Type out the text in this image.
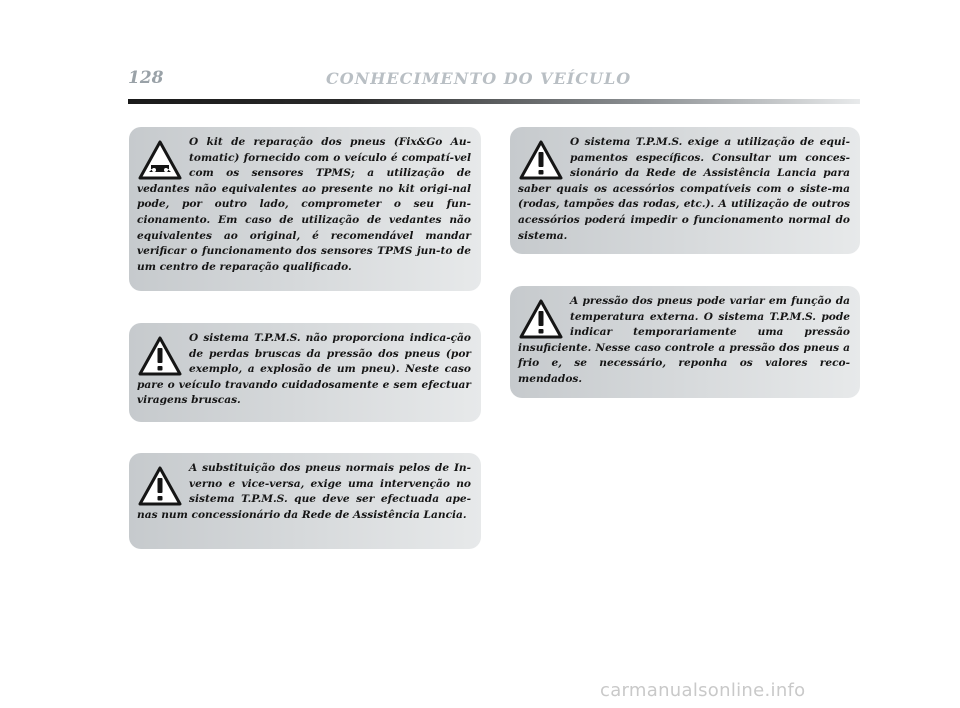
128	CONHECIMENTO DO VEÍCULO
O kit de reparação dos pneus (Fix&Go Au-tomatic) fornecido com o veículo é compatí-vel com os sensores TPMS; a utilização de vedantes não equivalentes ao presente no kit origi-nal pode, por outro lado, comprometer o seu fun-cionamento. Em caso de utilização de vedantes não equivalentes ao original, é recomendável mandar verificar o funcionamento dos sensores TPMS jun-to de um centro de reparação qualificado.
O sistema T.P.M.S. não proporciona indica-ção de perdas bruscas da pressão dos pneus (por exemplo, a explosão de um pneu). Neste caso pare o veículo travando cuidadosamente e sem efectuar viragens bruscas.
A substituição dos pneus normais pelos de In-verno e vice-versa, exige uma intervenção no sistema T.P.M.S. que deve ser efectuada ape-nas num concessionário da Rede de Assistência Lancia.
O sistema T.P.M.S. exige a utilização de equi-pamentos específicos. Consultar um conces-sionário da Rede de Assistência Lancia para saber quais os acessórios compatíveis com o siste-ma (rodas, tampões das rodas, etc.). A utilização de outros acessórios poderá impedir o funcionamento normal do sistema.
A pressão dos pneus pode variar em função da temperatura externa. O sistema T.P.M.S. pode indicar temporariamente uma pressão insuficiente. Nesse caso controle a pressão dos pneus a frio e, se necessário, reponha os valores reco-mendados.
carmanualsonline.info
